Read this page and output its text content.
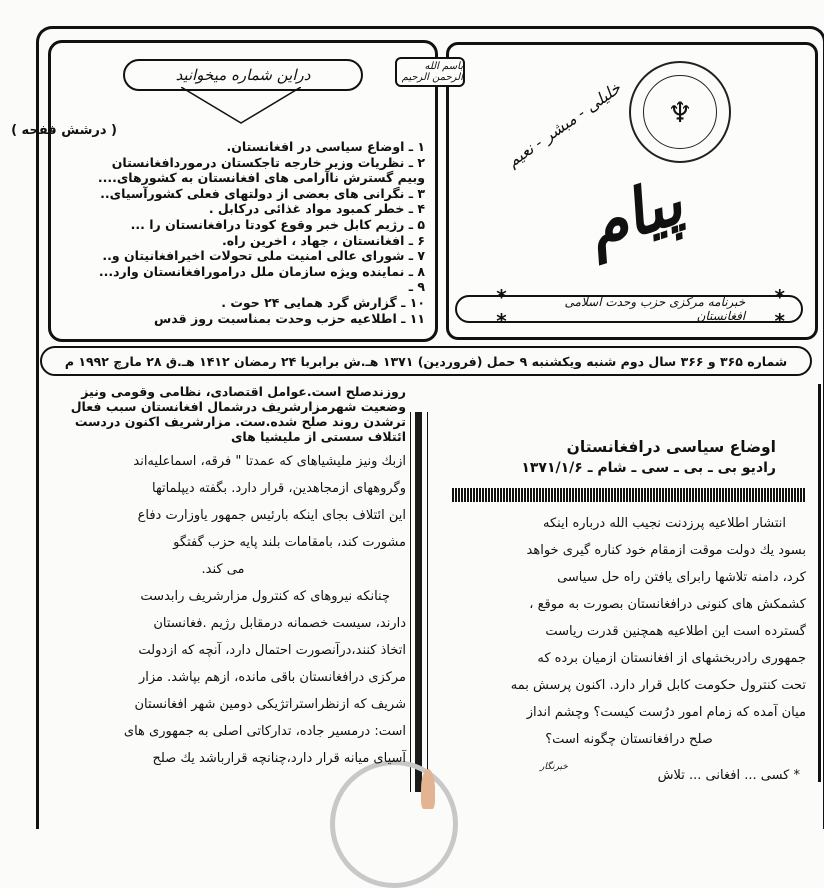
دراین شماره میخوانید
( درشش ففحه )
۱ ـ اوضاع سیاسی در افغانستان.
۲ ـ نظریات وزیر خارجه تاجکستان درموردافغانستان
وبیم گسترش ناآرامی های افغانستان به کشورهای....
۳ ـ نگرانی های بعضی از دولتهای فعلی کشورآسیای..
۴ ـ خطر کمبود مواد غذائی درکابل .
۵ ـ رژیم کابل خبر وقوع کودتا درافغانستان را ...
۶ ـ افغانستان ، جهاد ، اخرین راه.
۷ ـ شورای عالی امنیت ملی تحولات اخیرافغانیتان و..
۸ ـ نماینده ویژه سازمان ملل درامورافغانستان وارد...
۹ ـ
۱۰ ـ گزارش گرد همایی ۲۴ حوت .
۱۱ ـ اطلاعیه حزب وحدت بمناسبت روز قدس
باسم الله الرحمن الرحیم
♆
خلیلی - مبشر - نعیم
پیام
* *
خبرنامه مرکزی حزب وحدت اسلامی افغانستان
* *
شماره ۳۶۵ و ۳۶۶ سال دوم شنبه ویکشنبه ۹ حمل (فروردین) ۱۳۷۱ هـ.ش برابربا ۲۴ رمضان ۱۴۱۲ هـ.ق ۲۸ مارچ ۱۹۹۲ م

روزندصلح است.عوامل اقتصادی، نظامی وقومی ونیز

وضعیت شهرمزارشریف درشمال افغانستان سبب فعال

ترشدن روند صلح شده.ست. مزارشریف اکنون دردست

ائتلاف سستی از ملیشیا های

ازبك ونیز ملیشیاهای که عمدتا " فرقه، اسماعلیه‌اند

وگروههای ازمجاهدین، قرار دارد. بگفته دیپلماتها

این ائتلاف بجای اینکه بارئیس جمهور یاوزارت دفاع

مشورت کند، بامقامات بلند پایه حزب گفتگو

می کند.

چنانکه نیروهای که کنترول مزارشریف رابدست

دارند، سیست خصمانه درمقابل رژیم .فغانستان

اتخاذ کنند،درآنصورت احتمال دارد، آنچه که ازدولت

مرکزی درافغانستان باقی مانده، ازهم بپاشد. مزار

شریف که ازنظراستراتژیکی دومین شهر افغانستان

است: درمسیر جاده، تدارکاتی اصلی به جمهوری های

آسیای میانه قرار دارد،چنانچه قرارباشد یك صلح

اوضاع سیاسی درافغانستان
رادیو بی ـ بی ـ سی ـ شام ـ ۱۳۷۱/۱/۶

انتشار اطلاعیه پرزدنت نجیب الله درباره اینکه

بسود یك دولت موقت ازمقام خود کناره گیری خواهد

کرد، دامنه تلاشها رابرای یافتن راه حل سیاسی

کشمکش های کنونی درافغانستان بصورت به موقع ،

گسترده است این اطلاعیه همچنین قدرت ریاست

جمهوری رادربخشهای از افغانستان ازمیان برده که

تحت کنترول حکومت کابل قرار دارد. اکنون پرسش بمه

میان آمده که زمام امور درُست کیست؟ وچشم انداز

صلح درافغانستان چگونه است؟

خبرنگار
* کسی ... افغانی ... تلاش
